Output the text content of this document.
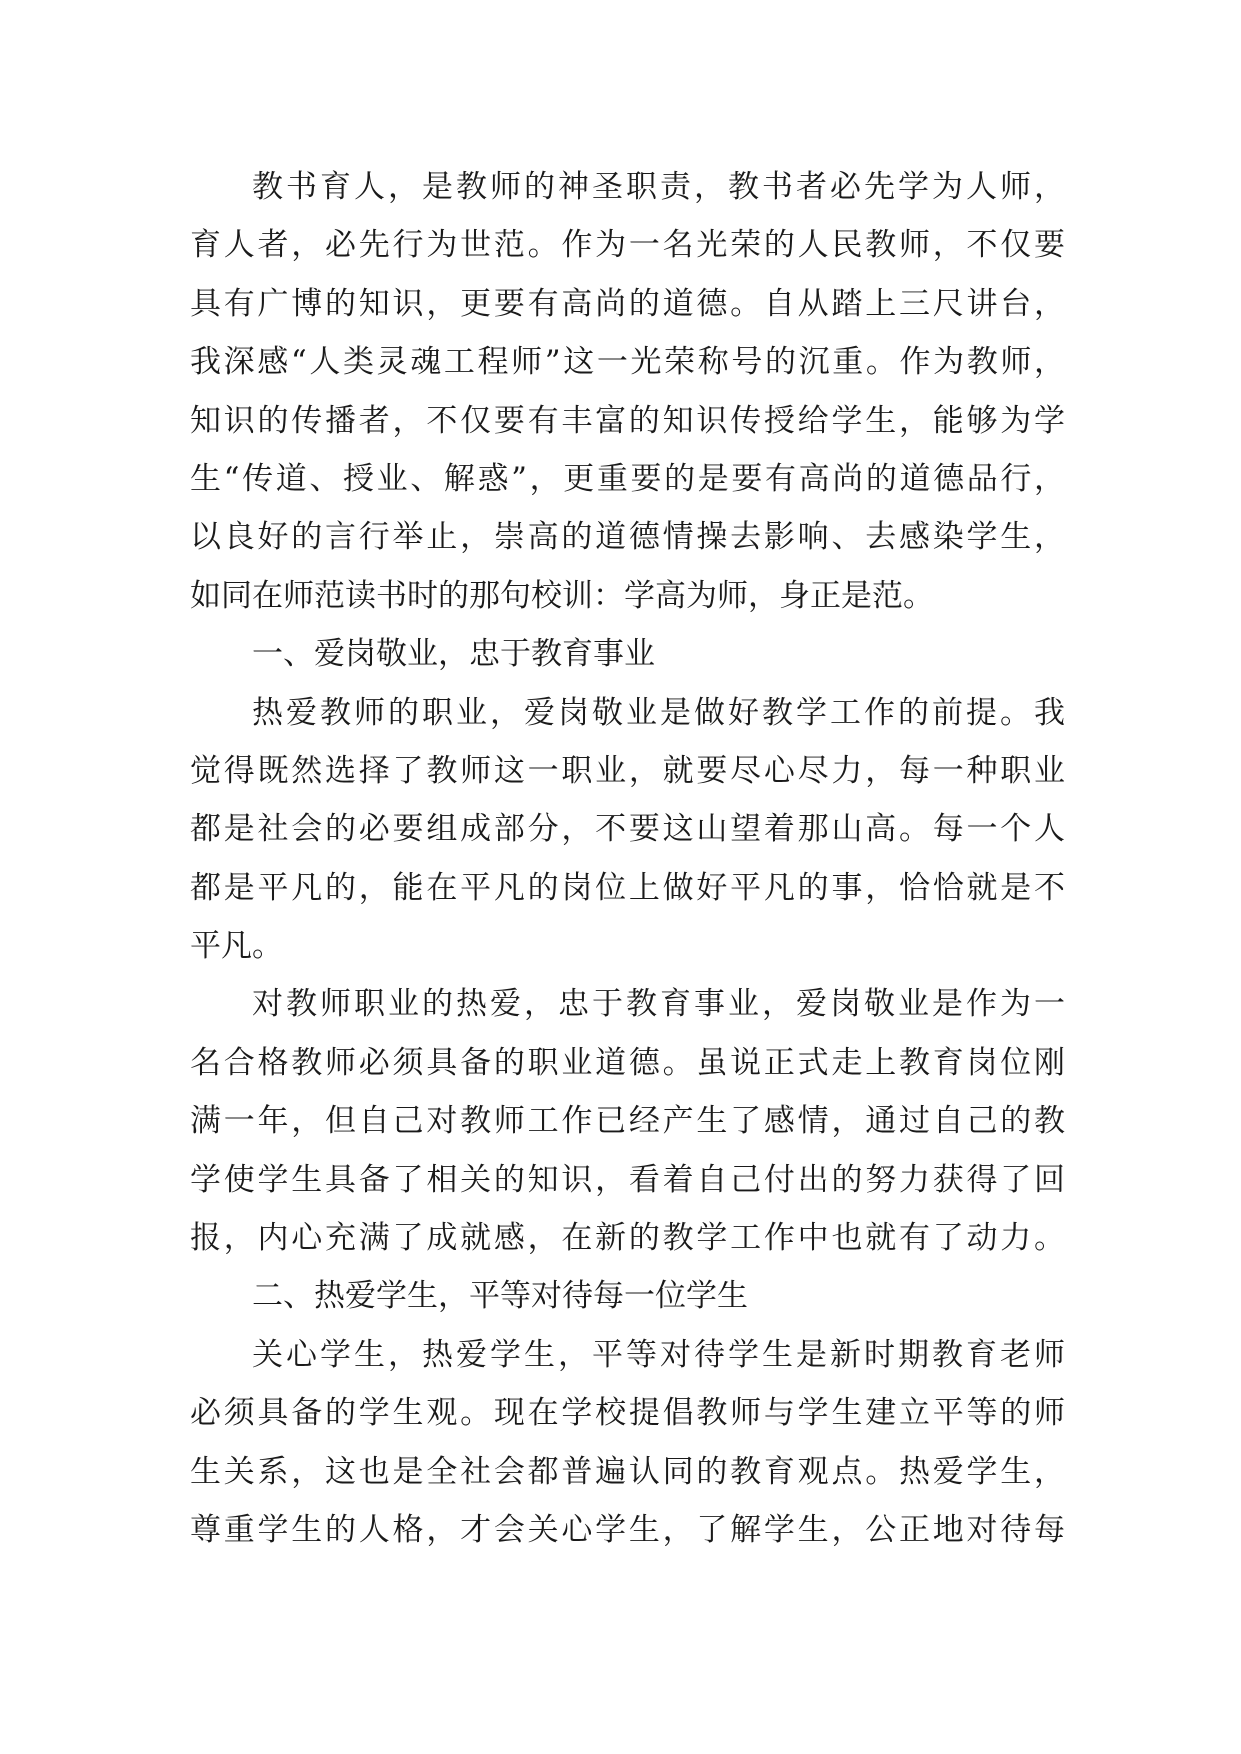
教书育人，是教师的神圣职责，教书者必先学为人师，
育人者，必先行为世范。作为一名光荣的人民教师，不仅要
具有广博的知识，更要有高尚的道德。自从踏上三尺讲台，
我深感“人类灵魂工程师”这一光荣称号的沉重。作为教师，
知识的传播者，不仅要有丰富的知识传授给学生，能够为学
生“传道、授业、解惑”，更重要的是要有高尚的道德品行，
以良好的言行举止，崇高的道德情操去影响、去感染学生，
如同在师范读书时的那句校训：学高为师，身正是范。
一、爱岗敬业，忠于教育事业
热爱教师的职业，爱岗敬业是做好教学工作的前提。我
觉得既然选择了教师这一职业，就要尽心尽力，每一种职业
都是社会的必要组成部分，不要这山望着那山高。每一个人
都是平凡的，能在平凡的岗位上做好平凡的事，恰恰就是不
平凡。
对教师职业的热爱，忠于教育事业，爱岗敬业是作为一
名合格教师必须具备的职业道德。虽说正式走上教育岗位刚
满一年，但自己对教师工作已经产生了感情，通过自己的教
学使学生具备了相关的知识，看着自己付出的努力获得了回
报，内心充满了成就感，在新的教学工作中也就有了动力。
二、热爱学生，平等对待每一位学生
关心学生，热爱学生，平等对待学生是新时期教育老师
必须具备的学生观。现在学校提倡教师与学生建立平等的师
生关系，这也是全社会都普遍认同的教育观点。热爱学生，
尊重学生的人格，才会关心学生，了解学生，公正地对待每
